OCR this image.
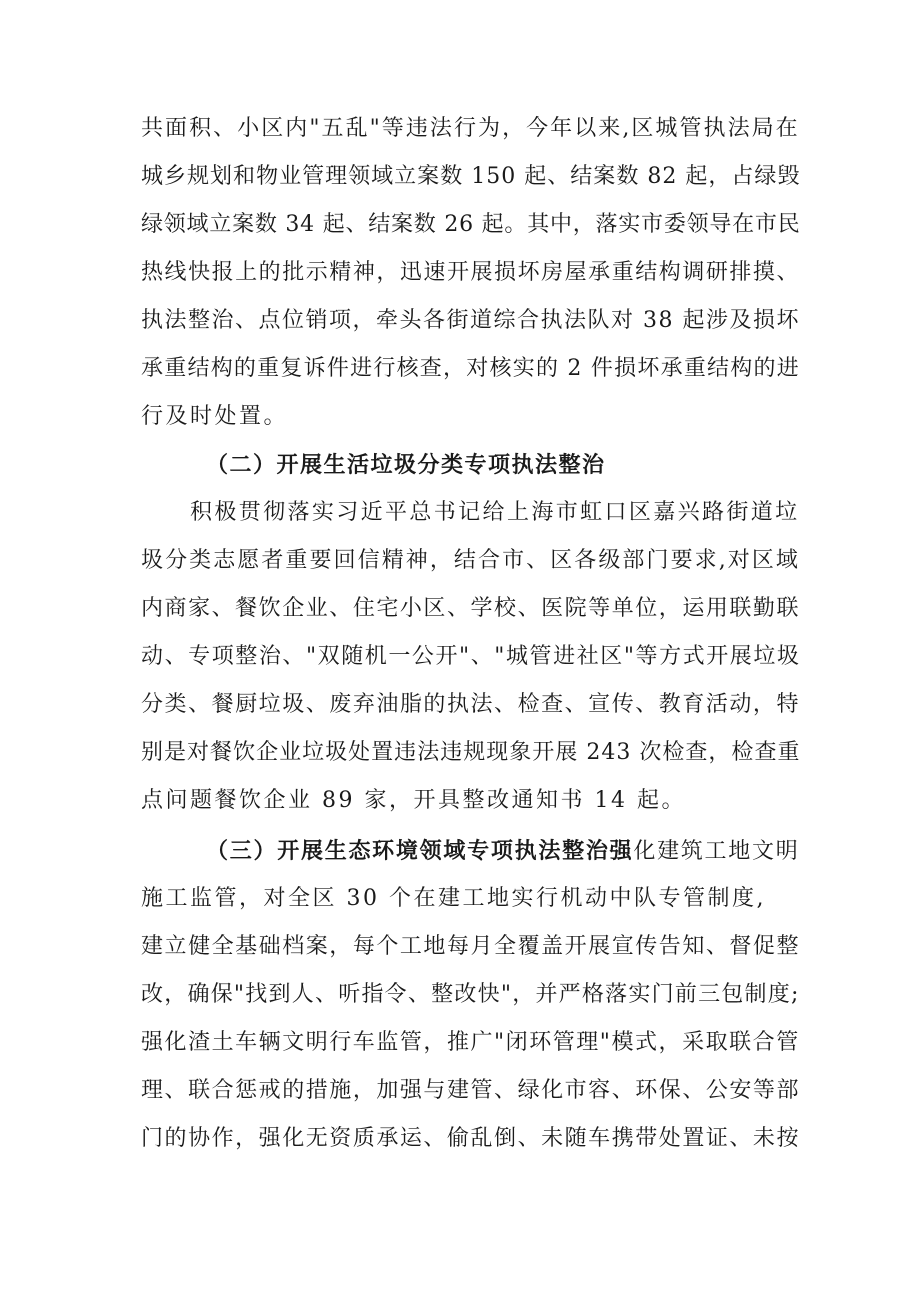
共面积、小区内"五乱"等违法行为，今年以来,区城管执法局在
城乡规划和物业管理领域立案数 150 起、结案数 82 起，占绿毁
绿领域立案数 34 起、结案数 26 起。其中，落实市委领导在市民
热线快报上的批示精神，迅速开展损坏房屋承重结构调研排摸、
执法整治、点位销项，牵头各街道综合执法队对 38 起涉及损坏
承重结构的重复诉件进行核查，对核实的 2 件损坏承重结构的进
行及时处置。
（二）开展生活垃圾分类专项执法整治
积极贯彻落实习近平总书记给上海市虹口区嘉兴路街道垃
圾分类志愿者重要回信精神，结合市、区各级部门要求,对区域
内商家、餐饮企业、住宅小区、学校、医院等单位，运用联勤联
动、专项整治、"双随机一公开"、"城管进社区"等方式开展垃圾
分类、餐厨垃圾、废弃油脂的执法、检查、宣传、教育活动，特
别是对餐饮企业垃圾处置违法违规现象开展 243 次检查，检查重
点问题餐饮企业 89 家，开具整改通知书 14 起。
（三）开展生态环境领域专项执法整治强化建筑工地文明
施工监管，对全区 30 个在建工地实行机动中队专管制度,
建立健全基础档案，每个工地每月全覆盖开展宣传告知、督促整
改，确保"找到人、听指令、整改快"，并严格落实门前三包制度;
强化渣土车辆文明行车监管，推广"闭环管理"模式，采取联合管
理、联合惩戒的措施，加强与建管、绿化市容、环保、公安等部
门的协作，强化无资质承运、偷乱倒、未随车携带处置证、未按
